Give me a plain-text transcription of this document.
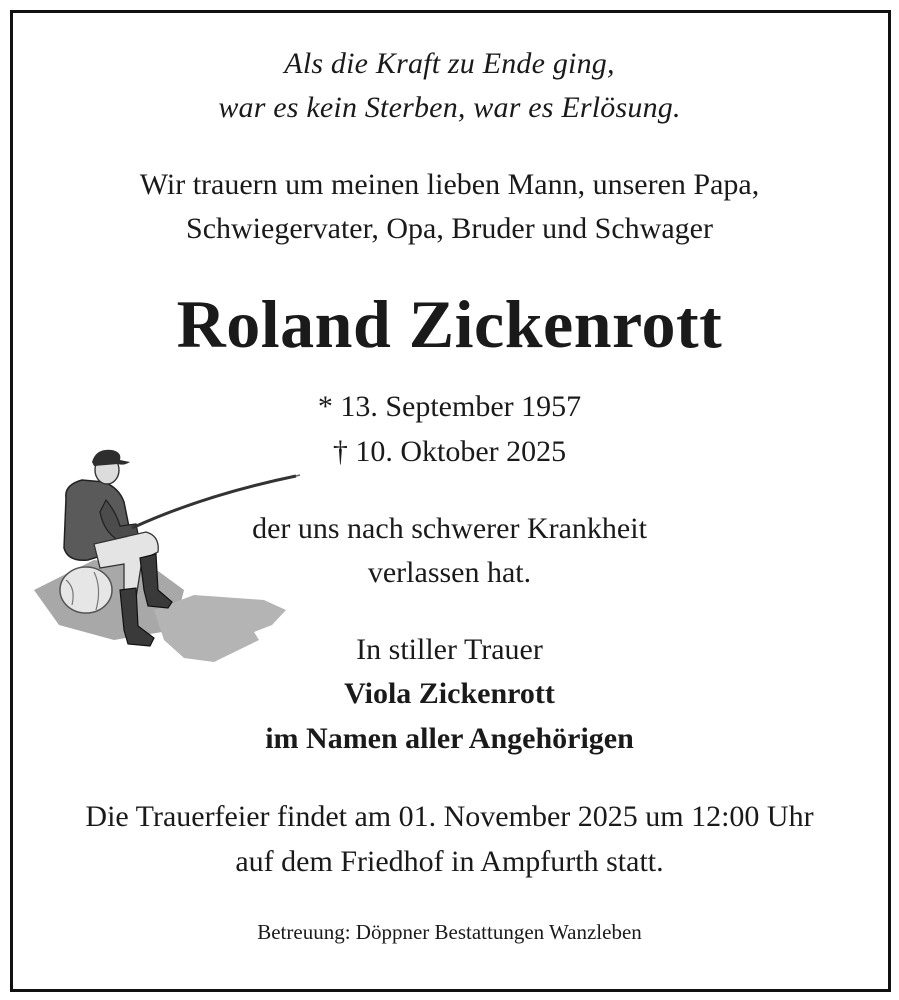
Als die Kraft zu Ende ging,
war es kein Sterben, war es Erlösung.
Wir trauern um meinen lieben Mann, unseren Papa,
Schwiegervater, Opa, Bruder und Schwager
Roland Zickenrott
* 13. September 1957
† 10. Oktober 2025
der uns nach schwerer Krankheit
verlassen hat.
In stiller Trauer
Viola Zickenrott
im Namen aller Angehörigen
Die Trauerfeier findet am 01. November 2025 um 12:00 Uhr
auf dem Friedhof in Ampfurth statt.
Betreuung: Döppner Bestattungen Wanzleben
